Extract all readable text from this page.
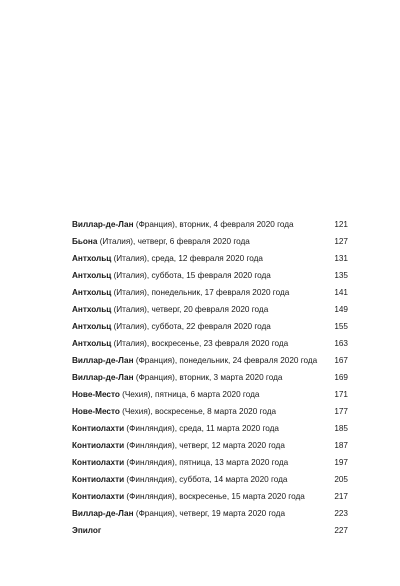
Виллар-де-Лан (Франция), вторник, 4 февраля 2020 года	121
Бьона (Италия), четверг, 6 февраля 2020 года	127
Антхольц (Италия), среда, 12 февраля 2020 года	131
Антхольц (Италия), суббота, 15 февраля 2020 года	135
Антхольц (Италия), понедельник, 17 февраля 2020 года	141
Антхольц (Италия), четверг, 20 февраля 2020 года	149
Антхольц (Италия), суббота, 22 февраля 2020 года	155
Антхольц (Италия), воскресенье, 23 февраля 2020 года	163
Виллар-де-Лан (Франция), понедельник, 24 февраля 2020 года	167
Виллар-де-Лан (Франция), вторник, 3 марта 2020 года	169
Нове-Место (Чехия), пятница, 6 марта 2020 года	171
Нове-Место (Чехия), воскресенье, 8 марта 2020 года	177
Контиолахти (Финляндия), среда, 11 марта 2020 года	185
Контиолахти (Финляндия), четверг, 12 марта 2020 года	187
Контиолахти (Финляндия), пятница, 13 марта 2020 года	197
Контиолахти (Финляндия), суббота, 14 марта 2020 года	205
Контиолахти (Финляндия), воскресенье, 15 марта 2020 года	217
Виллар-де-Лан (Франция), четверг, 19 марта 2020 года	223
Эпилог	227
